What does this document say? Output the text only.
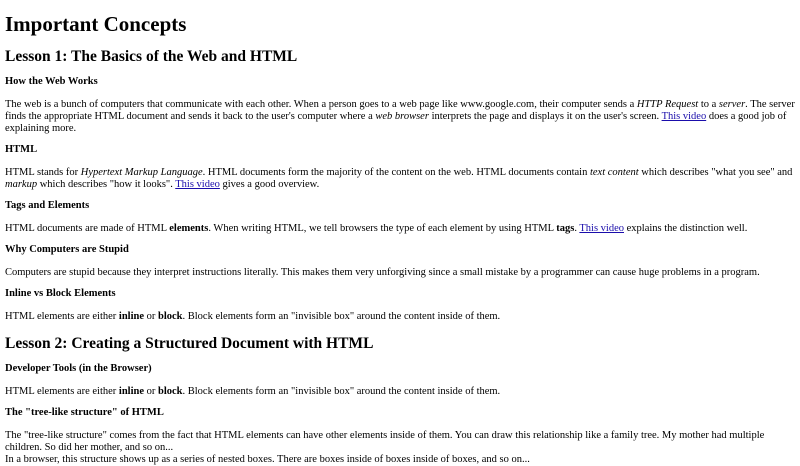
Important Concepts
Lesson 1: The Basics of the Web and HTML
How the Web Works

The web is a bunch of computers that communicate with each other. When a person goes to a web page like www.google.com, their computer sends a HTTP Request to a server. The server finds the appropriate HTML document and sends it back to the user's computer where a web browser interprets the page and displays it on the user's screen. This video does a good job of explaining more.

HTML

HTML stands for Hypertext Markup Language. HTML documents form the majority of the content on the web. HTML documents contain text content which describes "what you see" and markup which describes "how it looks". This video gives a good overview.

Tags and Elements

HTML documents are made of HTML elements. When writing HTML, we tell browsers the type of each element by using HTML tags. This video explains the distinction well.

Why Computers are Stupid

Computers are stupid because they interpret instructions literally. This makes them very unforgiving since a small mistake by a programmer can cause huge problems in a program.

Inline vs Block Elements

HTML elements are either inline or block. Block elements form an "invisible box" around the content inside of them.

Lesson 2: Creating a Structured Document with HTML
Developer Tools (in the Browser)

HTML elements are either inline or block. Block elements form an "invisible box" around the content inside of them.

The "tree-like structure" of HTML

The "tree-like structure" comes from the fact that HTML elements can have other elements inside of them. You can draw this relationship like a family tree. My mother had multiple children. So did her mother, and so on...

In a browser, this structure shows up as a series of nested boxes. There are boxes inside of boxes inside of boxes, and so on...
